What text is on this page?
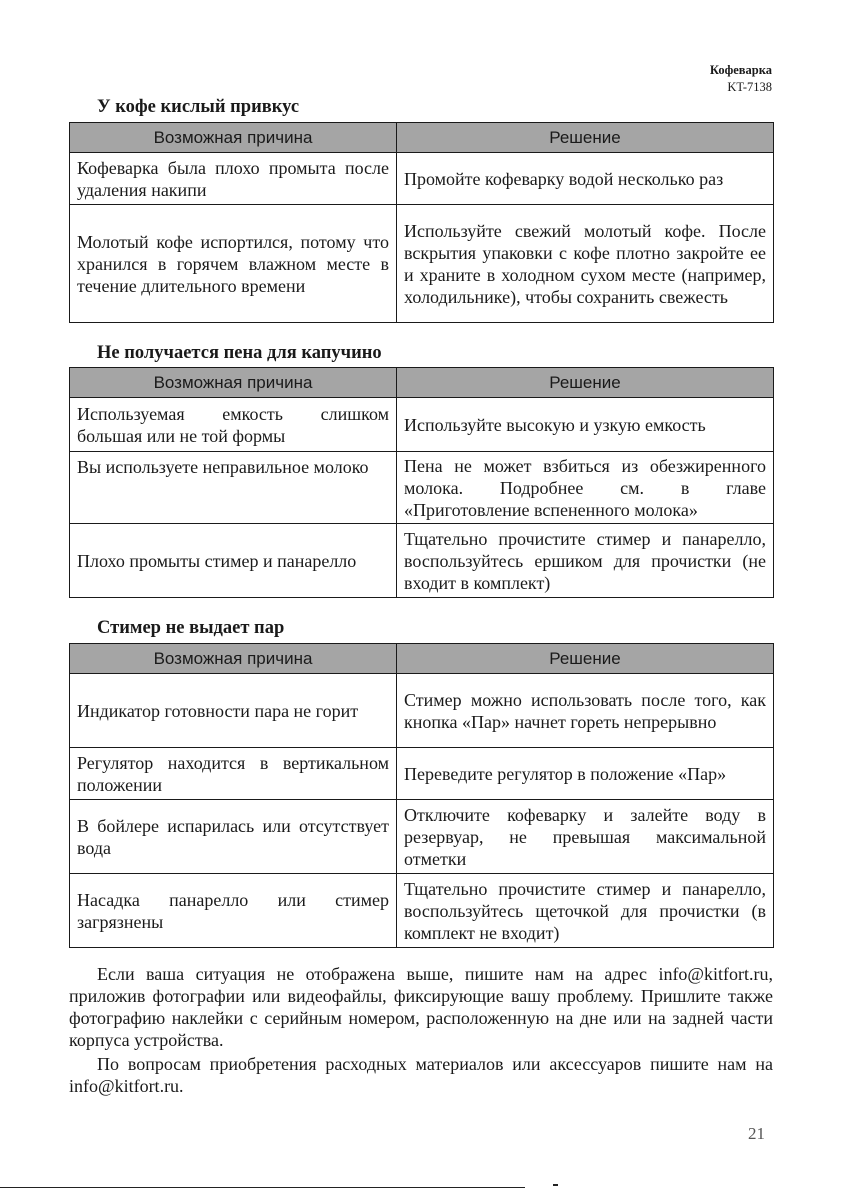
Кофеварка
KT-7138
У кофе кислый привкус
Возможная причина	Решение
Кофеварка была плохо промыта после удаления накипи	Промойте кофеварку водой несколько раз
Молотый кофе испортился, потому что хранился в горячем влажном месте в течение длительного времени	Используйте свежий молотый кофе. После вскрытия упаковки с кофе плотно закройте ее и храните в холодном сухом месте (например, холодильнике), чтобы сохранить свежесть
Не получается пена для капучино
Возможная причина	Решение
Используемая емкость слишком большая или не той формы	Используйте высокую и узкую емкость
Вы используете неправильное молоко	Пена не может взбиться из обезжиренного молока. Подробнее см. в главе «Приготовление вспененного молока»
Плохо промыты стимер и панарелло	Тщательно прочистите стимер и панарелло, воспользуйтесь ершиком для прочистки (не входит в комплект)
Стимер не выдает пар
Возможная причина	Решение
Индикатор готовности пара не горит	Стимер можно использовать после того, как кнопка «Пар» начнет гореть непрерывно
Регулятор находится в вертикальном положении	Переведите регулятор в положение «Пар»
В бойлере испарилась или отсутствует вода	Отключите кофеварку и залейте воду в резервуар, не превышая максимальной отметки
Насадка панарелло или стимер загрязнены	Тщательно прочистите стимер и панарелло, воспользуйтесь щеточкой для прочистки (в комплект не входит)

Если ваша ситуация не отображена выше, пишите нам на адрес info@kitfort.ru, приложив фотографии или видеофайлы, фиксирующие вашу проблему. Пришлите также фотографию наклейки с серийным номером, расположенную на дне или на задней части корпуса устройства.

По вопросам приобретения расходных материалов или аксессуаров пишите нам на info@kitfort.ru.

21
